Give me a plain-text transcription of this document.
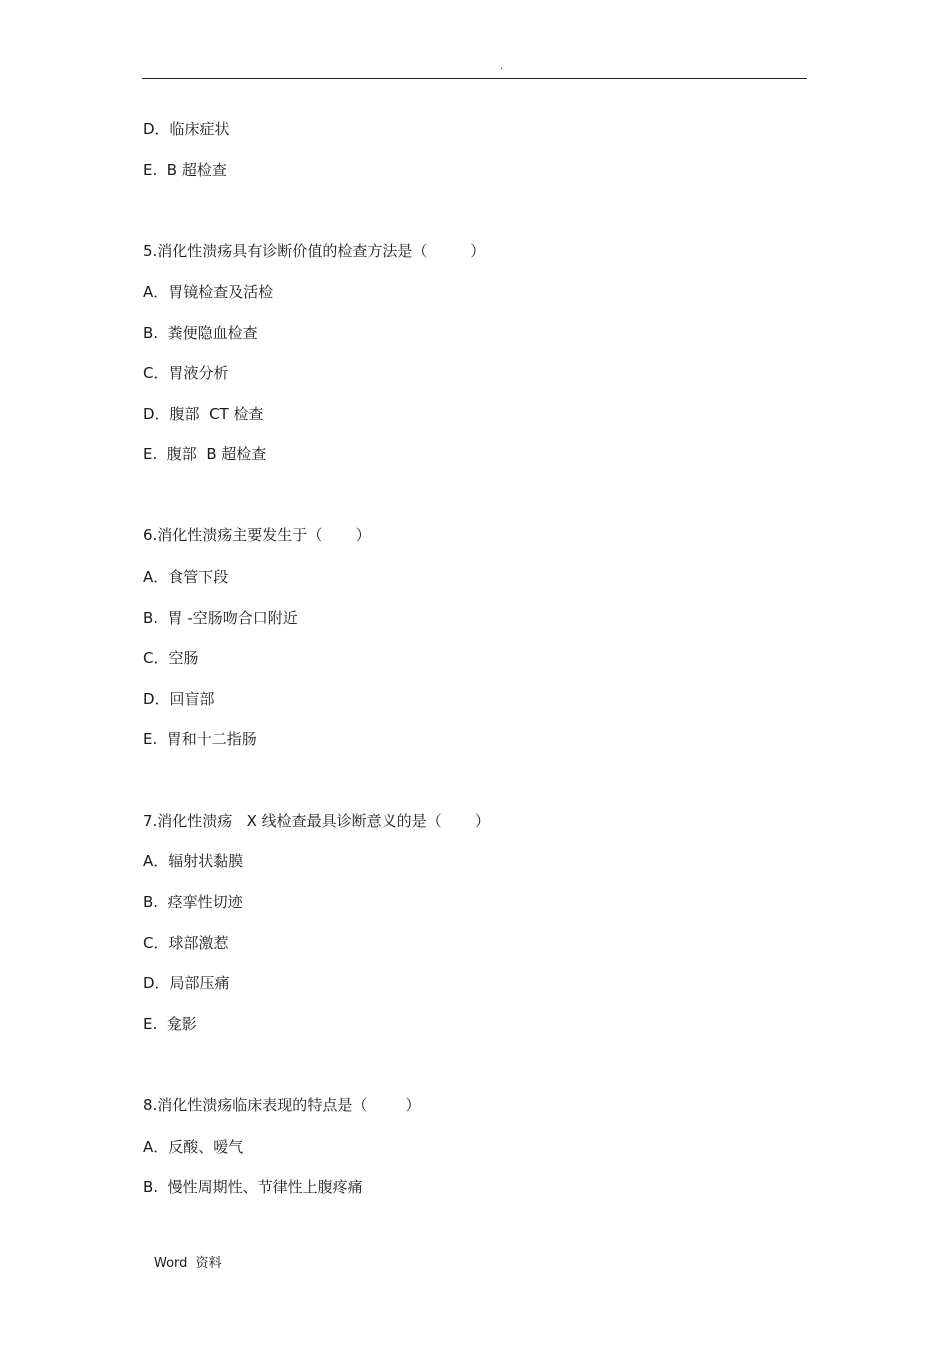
.
D．临床症状
E.  B 超检查
5.消化性溃疡具有诊断价值的检查方法是（         ）
A．胃镜检查及活检
B.  粪便隐血检查
C．胃液分析
D．腹部  CT 检查
E.  腹部  B 超检查
6.消化性溃疡主要发生于（       ）
A．食管下段
B.  胃 -空肠吻合口附近
C．空肠
D．回盲部
E.  胃和十二指肠
7.消化性溃疡   X 线检查最具诊断意义的是（       ）
A．辐射状黏膜
B.  痉挛性切迹
C．球部激惹
D．局部压痛
E.  龛影
8.消化性溃疡临床表现的特点是（        ）
A．反酸、嗳气
B.  慢性周期性、节律性上腹疼痛
Word  资料
